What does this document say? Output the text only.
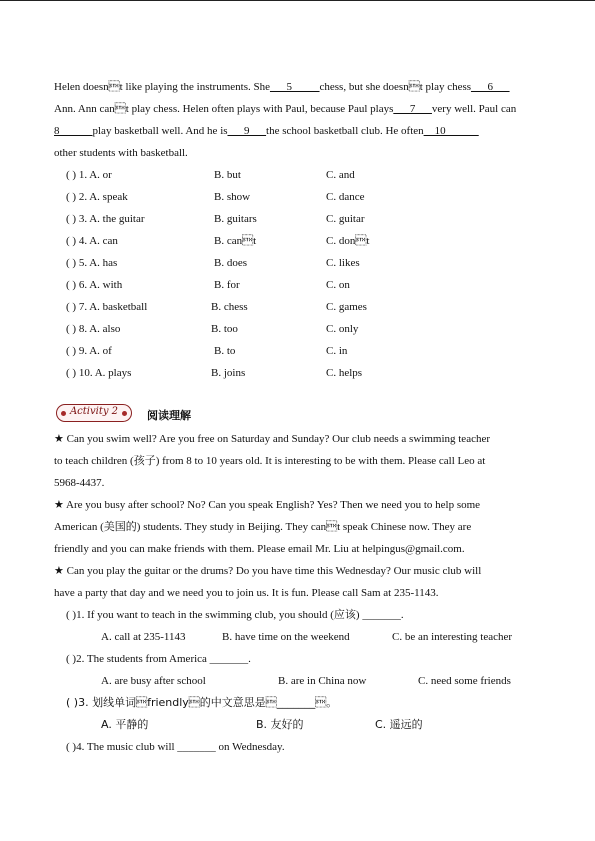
Helen doesnt like playing the instruments. She___5_____chess, but she doesnt play chess___6___
Ann. Ann cant play chess. Helen often plays with Paul, because Paul plays___7___very well. Paul can
8______play basketball well. And he is___9___the school basketball club. He often__10______
other students with basketball.
( ) 1. A. or	B. but	C. and
( ) 2. A. speak	B. show	C. dance
( ) 3. A. the guitar	B. guitars	C. guitar
( ) 4. A. can	B. cant	C. dont
( ) 5. A. has	B. does	C. likes
( ) 6. A. with	B. for	C. on
( ) 7. A. basketball	B. chess	C. games
( ) 8. A. also	B. too	C. only
( ) 9. A. of	B. to	C. in
( ) 10. A. plays	B. joins	C. helps
Activity 2	阅读理解
★ Can you swim well? Are you free on Saturday and Sunday? Our club needs a swimming teacher
to teach children (孩子) from 8 to 10 years old. It is interesting to be with them. Please call Leo at
5968-4437.
★ Are you busy after school? No? Can you speak English? Yes? Then we need you to help some
American (美国的) students. They study in Beijing. They cant speak Chinese now. They are
friendly and you can make friends with them. Please email Mr. Liu at helpingus@gmail.com.
★ Can you play the guitar or the drums? Do you have time this Wednesday? Our music club will
have a party that day and we need you to join us. It is fun. Please call Sam at 235-1143.
( )1. If you want to teach in the swimming club, you should (应该) _______.
A. call at 235-1143	B. have time on the weekend	C. be an interesting teacher
( )2. The students from America _______.
A. are busy after school	B. are in China now	C. need some friends
( )3. 划线单词friendly的中文意思是_______。
A. 平静的	B. 友好的	C. 遥远的
( )4. The music club will _______ on Wednesday.
